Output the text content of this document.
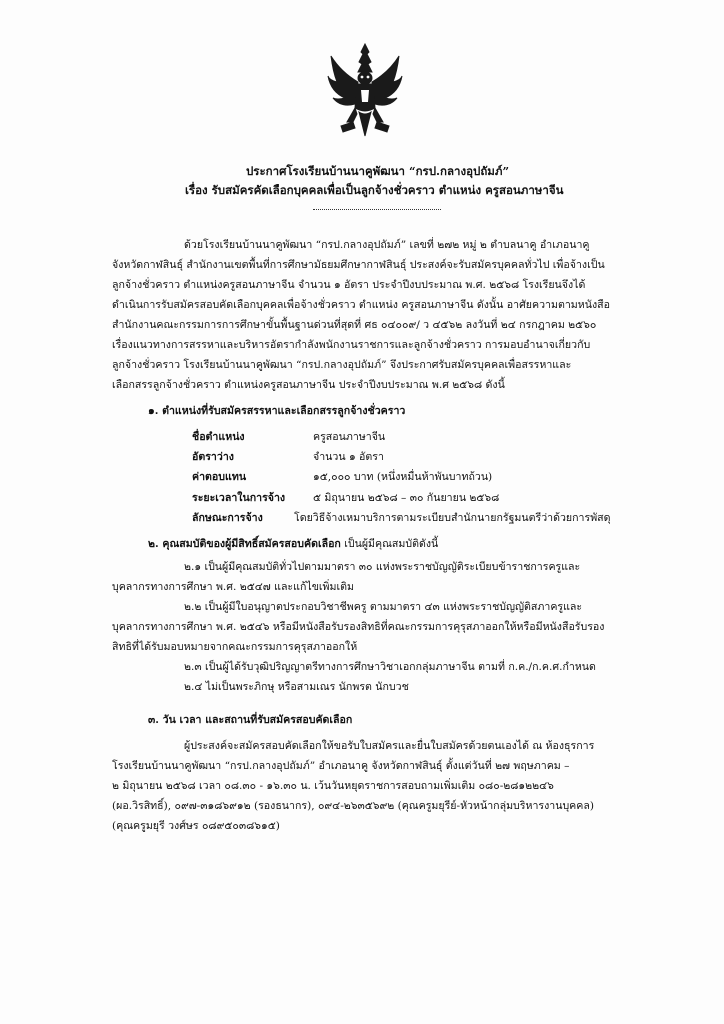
ประกาศโรงเรียนบ้านนาคูพัฒนา “กรป.กลางอุปถัมภ์”
เรื่อง รับสมัครคัดเลือกบุคคลเพื่อเป็นลูกจ้างชั่วคราว ตำแหน่ง ครูสอนภาษาจีน
ด้วยโรงเรียนบ้านนาคูพัฒนา “กรป.กลางอุปถัมภ์” เลขที่ ๒๗๒ หมู่ ๒ ตำบลนาคู อำเภอนาคู
จังหวัดกาฬสินธุ์ สำนักงานเขตพื้นที่การศึกษามัธยมศึกษากาฬสินธุ์ ประสงค์จะรับสมัครบุคคลทั่วไป เพื่อจ้างเป็น
ลูกจ้างชั่วคราว ตำแหน่งครูสอนภาษาจีน จำนวน ๑ อัตรา ประจำปีงบประมาณ พ.ศ. ๒๕๖๘ โรงเรียนจึงได้
ดำเนินการรับสมัครสอบคัดเลือกบุคคลเพื่อจ้างชั่วคราว ตำแหน่ง ครูสอนภาษาจีน ดังนั้น อาศัยความตามหนังสือ
สำนักงานคณะกรรมการการศึกษาขั้นพื้นฐานด่วนที่สุดที่ ศธ ๐๔๐๐๙/ ว ๔๕๖๒ ลงวันที่ ๒๔ กรกฎาคม ๒๕๖๐
เรื่องแนวทางการสรรหาและบริหารอัตรากำลังพนักงานราชการและลูกจ้างชั่วคราว การมอบอำนาจเกี่ยวกับ
ลูกจ้างชั่วคราว โรงเรียนบ้านนาคูพัฒนา “กรป.กลางอุปถัมภ์” จึงประกาศรับสมัครบุคคลเพื่อสรรหาและ
เลือกสรรลูกจ้างชั่วคราว ตำแหน่งครูสอนภาษาจีน ประจำปีงบประมาณ พ.ศ ๒๕๖๘ ดังนี้
๑. ตำแหน่งที่รับสมัครสรรหาและเลือกสรรลูกจ้างชั่วคราว
ชื่อตำแหน่ง	ครูสอนภาษาจีน
อัตราว่าง	จำนวน ๑ อัตรา
ค่าตอบแทน	๑๕,๐๐๐ บาท (หนึ่งหมื่นห้าพันบาทถ้วน)
ระยะเวลาในการจ้าง	๕ มิถุนายน ๒๕๖๘ – ๓๐ กันยายน ๒๕๖๘
ลักษณะการจ้าง	โดยวิธีจ้างเหมาบริการตามระเบียบสำนักนายกรัฐมนตรีว่าด้วยการพัสดุ
๒. คุณสมบัติของผู้มีสิทธิ์สมัครสอบคัดเลือก เป็นผู้มีคุณสมบัติดังนี้
๒.๑ เป็นผู้มีคุณสมบัติทั่วไปตามมาตรา ๓๐ แห่งพระราชบัญญัติระเบียบข้าราชการครูและ
บุคลากรทางการศึกษา พ.ศ. ๒๕๔๗ และแก้ไขเพิ่มเติม
๒.๒ เป็นผู้มีใบอนุญาตประกอบวิชาชีพครู ตามมาตรา ๔๓ แห่งพระราชบัญญัติสภาครูและ
บุคลากรทางการศึกษา พ.ศ. ๒๕๔๖ หรือมีหนังสือรับรองสิทธิที่คณะกรรมการคุรุสภาออกให้หรือมีหนังสือรับรอง
สิทธิที่ได้รับมอบหมายจากคณะกรรมการคุรุสภาออกให้
๒.๓ เป็นผู้ได้รับวุฒิปริญญาตรีทางการศึกษาวิชาเอกกลุ่มภาษาจีน ตามที่ ก.ค./ก.ค.ศ.กำหนด
๒.๔ ไม่เป็นพระภิกษุ หรือสามเณร นักพรต นักบวช
๓. วัน เวลา และสถานที่รับสมัครสอบคัดเลือก
ผู้ประสงค์จะสมัครสอบคัดเลือกให้ขอรับใบสมัครและยื่นใบสมัครด้วยตนเองได้ ณ ห้องธุรการ
โรงเรียนบ้านนาคูพัฒนา “กรป.กลางอุปถัมภ์” อำเภอนาคู จังหวัดกาฬสินธุ์ ตั้งแต่วันที่ ๒๗ พฤษภาคม –
๒ มิถุนายน ๒๕๖๘ เวลา ๐๘.๓๐ - ๑๖.๓๐ น. เว้นวันหยุดราชการสอบถามเพิ่มเติม ๐๘๐-๒๘๑๒๒๔๖
(ผอ.วิรสิทธิ์), ๐๙๗-๓๑๘๖๙๑๒ (รองธนากร), ๐๙๔-๒๖๓๕๖๙๒ (คุณครูมยุรีย์-หัวหน้ากลุ่มบริหารงานบุคคล)
(คุณครูมยุรี วงศ์ษร ๐๘๙๕๐๓๘๖๑๕)
